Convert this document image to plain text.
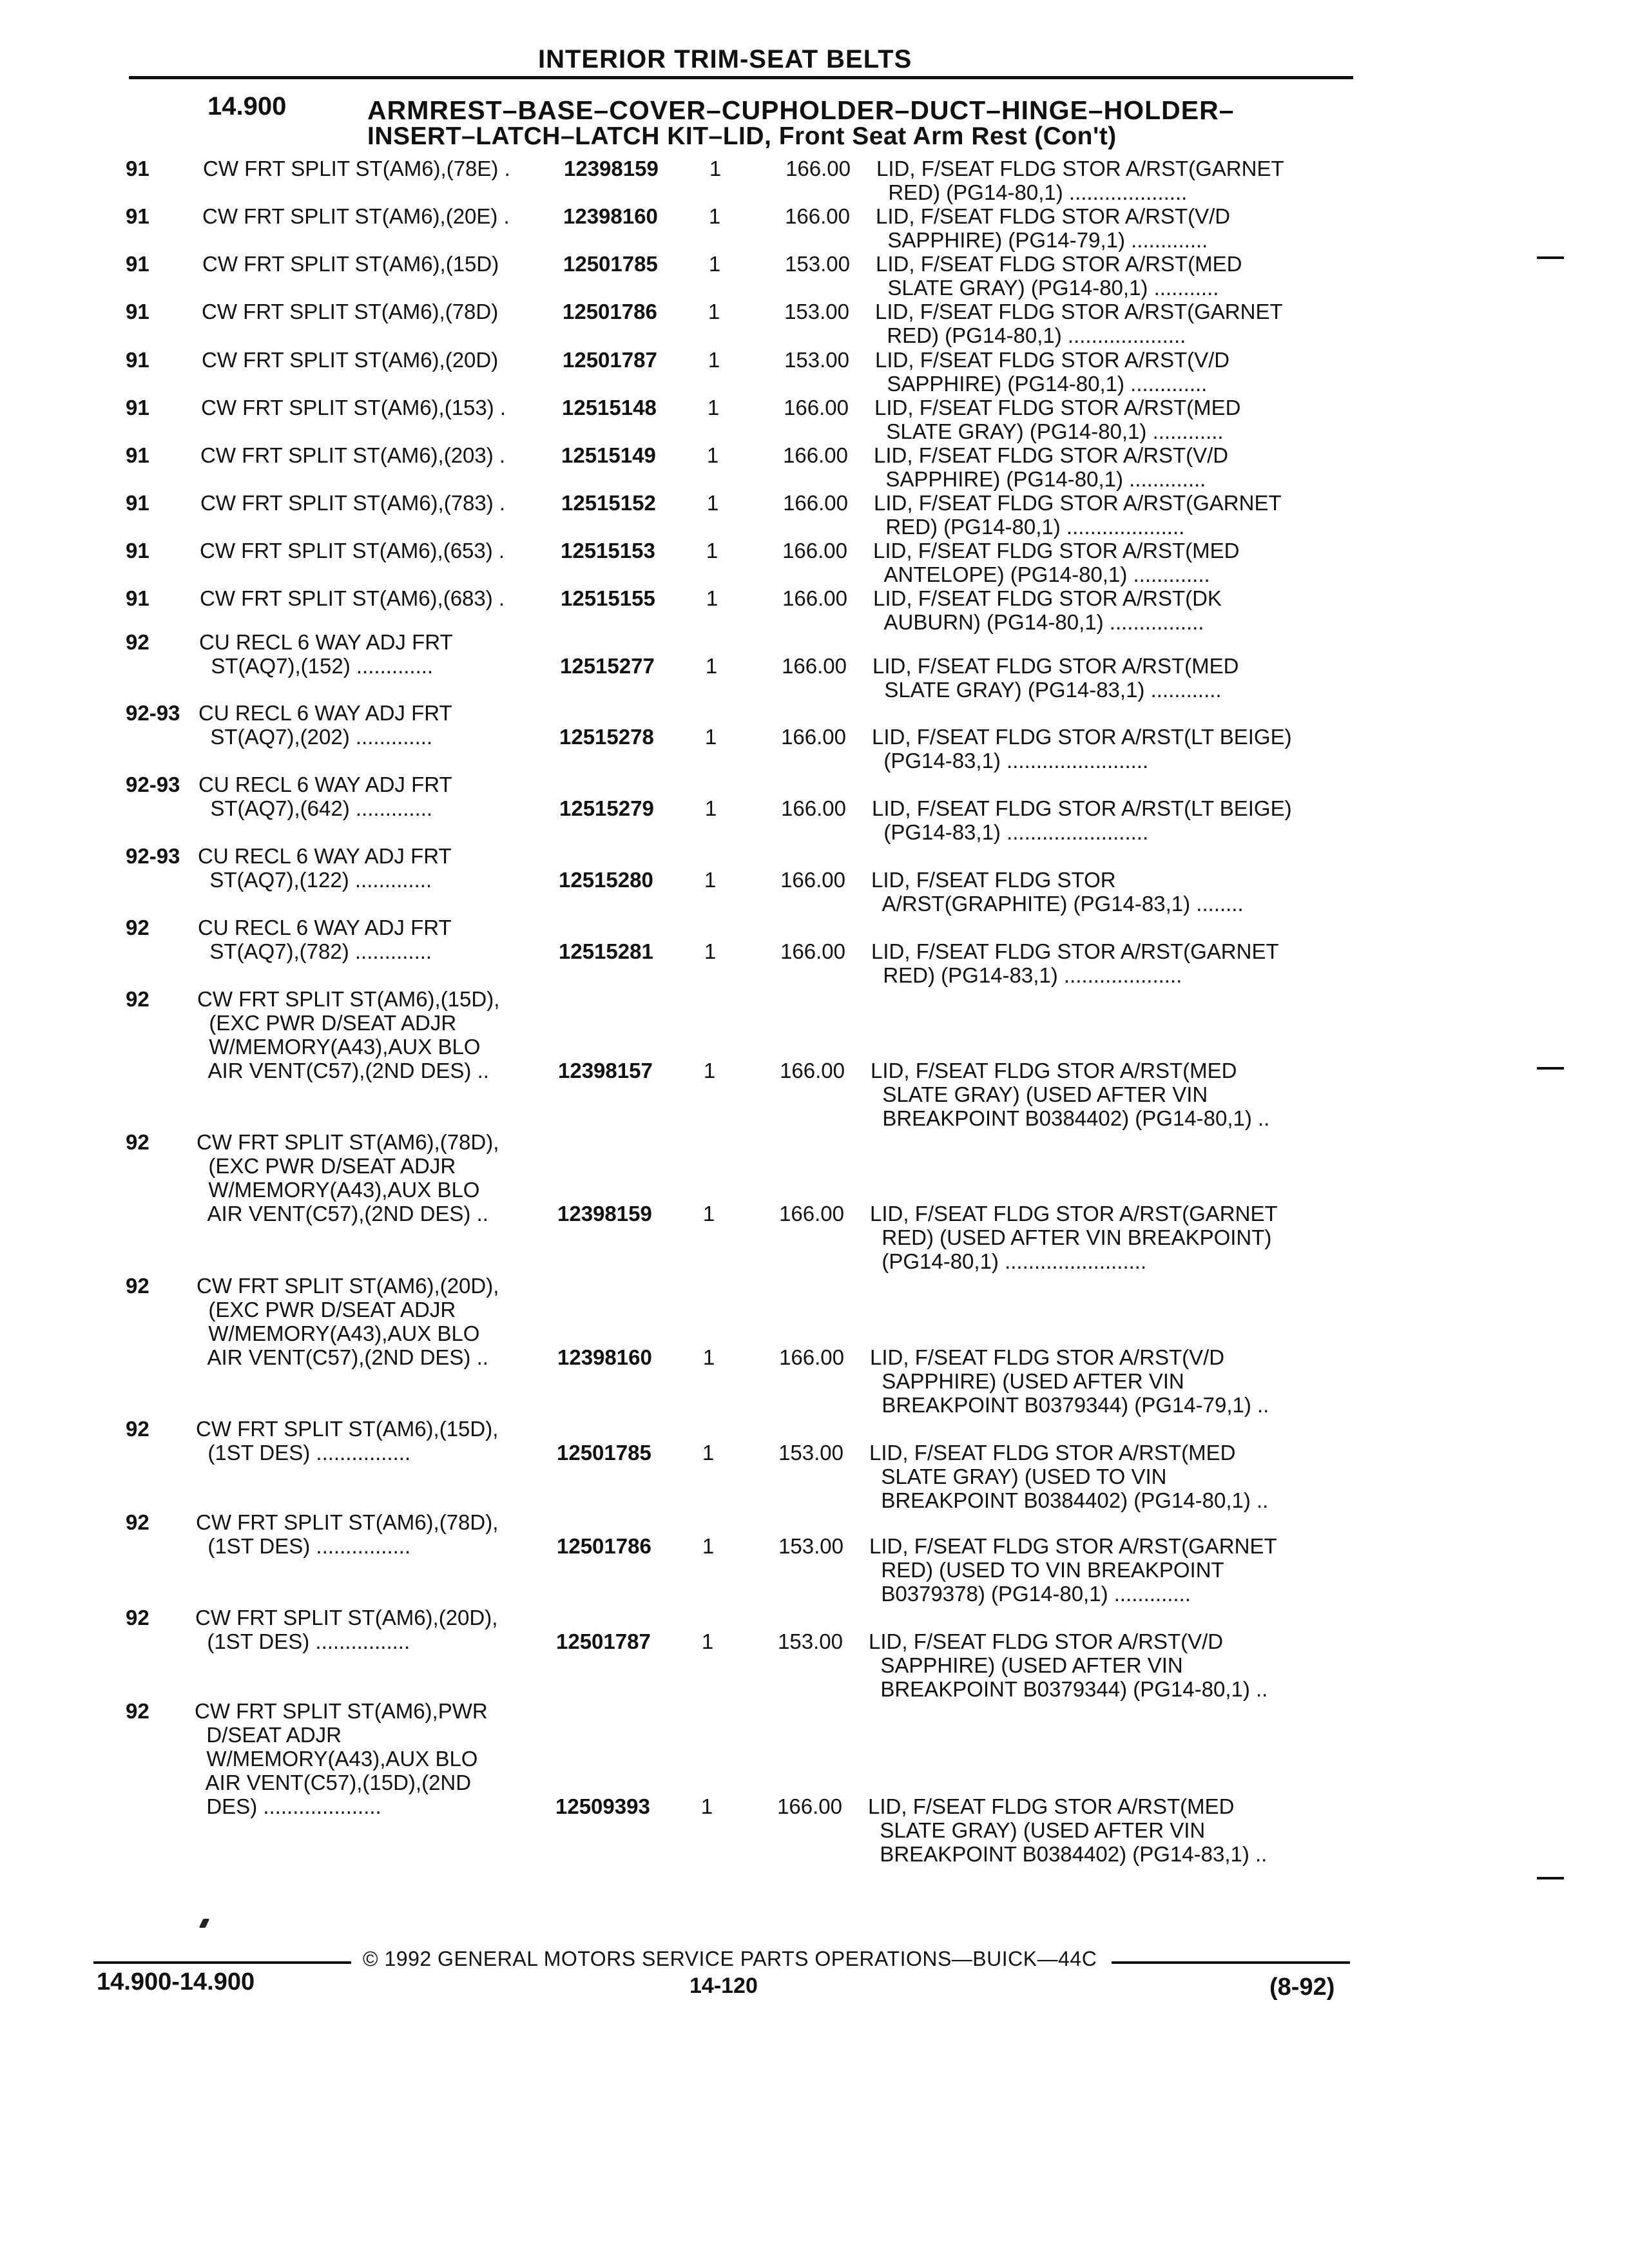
INTERIOR TRIM-SEAT BELTS
14.900	ARMREST–BASE–COVER–CUPHOLDER–DUCT–HINGE–HOLDER–
INSERT–LATCH–LATCH KIT–LID, Front Seat Arm Rest (Con't)
91	CW FRT SPLIT ST(AM6),(78E) .	12398159	1	166.00 LID, F/SEAT FLDG STOR A/RST(GARNET
RED) (PG14-80,1) ....................
91	CW FRT SPLIT ST(AM6),(20E) .	12398160	1	166.00 LID, F/SEAT FLDG STOR A/RST(V/D
SAPPHIRE) (PG14-79,1) .............
91	CW FRT SPLIT ST(AM6),(15D)	12501785	1	153.00 LID, F/SEAT FLDG STOR A/RST(MED
SLATE GRAY) (PG14-80,1) ...........
91	CW FRT SPLIT ST(AM6),(78D)	12501786	1	153.00 LID, F/SEAT FLDG STOR A/RST(GARNET
RED) (PG14-80,1) ....................
91	CW FRT SPLIT ST(AM6),(20D)	12501787	1	153.00 LID, F/SEAT FLDG STOR A/RST(V/D
SAPPHIRE) (PG14-80,1) .............
91	CW FRT SPLIT ST(AM6),(153) .	12515148	1	166.00 LID, F/SEAT FLDG STOR A/RST(MED
SLATE GRAY) (PG14-80,1) ............
91	CW FRT SPLIT ST(AM6),(203) .	12515149	1	166.00 LID, F/SEAT FLDG STOR A/RST(V/D
SAPPHIRE) (PG14-80,1) .............
91	CW FRT SPLIT ST(AM6),(783) .	12515152	1	166.00 LID, F/SEAT FLDG STOR A/RST(GARNET
RED) (PG14-80,1) ....................
91	CW FRT SPLIT ST(AM6),(653) .	12515153	1	166.00 LID, F/SEAT FLDG STOR A/RST(MED
ANTELOPE) (PG14-80,1) .............
91	CW FRT SPLIT ST(AM6),(683) .	12515155	1	166.00 LID, F/SEAT FLDG STOR A/RST(DK
AUBURN) (PG14-80,1) ................
92	CU RECL 6 WAY ADJ FRT
ST(AQ7),(152) .............	12515277	1	166.00 LID, F/SEAT FLDG STOR A/RST(MED
SLATE GRAY) (PG14-83,1) ............
92-93 CU RECL 6 WAY ADJ FRT
ST(AQ7),(202) .............	12515278	1	166.00 LID, F/SEAT FLDG STOR A/RST(LT BEIGE)
(PG14-83,1) ........................
92-93 CU RECL 6 WAY ADJ FRT
ST(AQ7),(642) .............	12515279	1	166.00 LID, F/SEAT FLDG STOR A/RST(LT BEIGE)
(PG14-83,1) ........................
92-93 CU RECL 6 WAY ADJ FRT
ST(AQ7),(122) .............	12515280	1	166.00 LID, F/SEAT FLDG STOR
A/RST(GRAPHITE) (PG14-83,1) ........
92	CU RECL 6 WAY ADJ FRT
ST(AQ7),(782) .............	12515281	1	166.00 LID, F/SEAT FLDG STOR A/RST(GARNET
RED) (PG14-83,1) ....................
92	CW FRT SPLIT ST(AM6),(15D),
(EXC PWR D/SEAT ADJR
W/MEMORY(A43),AUX BLO
AIR VENT(C57),(2ND DES) ..	12398157	1	166.00 LID, F/SEAT FLDG STOR A/RST(MED
SLATE GRAY) (USED AFTER VIN
BREAKPOINT B0384402) (PG14-80,1) ..
92	CW FRT SPLIT ST(AM6),(78D),
(EXC PWR D/SEAT ADJR
W/MEMORY(A43),AUX BLO
AIR VENT(C57),(2ND DES) ..	12398159	1	166.00 LID, F/SEAT FLDG STOR A/RST(GARNET
RED) (USED AFTER VIN BREAKPOINT)
(PG14-80,1) ........................
92	CW FRT SPLIT ST(AM6),(20D),
(EXC PWR D/SEAT ADJR
W/MEMORY(A43),AUX BLO
AIR VENT(C57),(2ND DES) ..	12398160	1	166.00 LID, F/SEAT FLDG STOR A/RST(V/D
SAPPHIRE) (USED AFTER VIN
BREAKPOINT B0379344) (PG14-79,1) ..
92	CW FRT SPLIT ST(AM6),(15D),
(1ST DES) ................	12501785	1	153.00 LID, F/SEAT FLDG STOR A/RST(MED
SLATE GRAY) (USED TO VIN
BREAKPOINT B0384402) (PG14-80,1) ..
92	CW FRT SPLIT ST(AM6),(78D),
(1ST DES) ................	12501786	1	153.00 LID, F/SEAT FLDG STOR A/RST(GARNET
RED) (USED TO VIN BREAKPOINT
B0379378) (PG14-80,1) .............
92	CW FRT SPLIT ST(AM6),(20D),
(1ST DES) ................	12501787	1	153.00 LID, F/SEAT FLDG STOR A/RST(V/D
SAPPHIRE) (USED AFTER VIN
BREAKPOINT B0379344) (PG14-80,1) ..
92	CW FRT SPLIT ST(AM6),PWR
D/SEAT ADJR
W/MEMORY(A43),AUX BLO
AIR VENT(C57),(15D),(2ND
DES) ....................	12509393	1	166.00 LID, F/SEAT FLDG STOR A/RST(MED
SLATE GRAY) (USED AFTER VIN
BREAKPOINT B0384402) (PG14-83,1) ..
© 1992 GENERAL MOTORS SERVICE PARTS OPERATIONS—BUICK—44C
14.900-14.900	14-120	(8-92)
